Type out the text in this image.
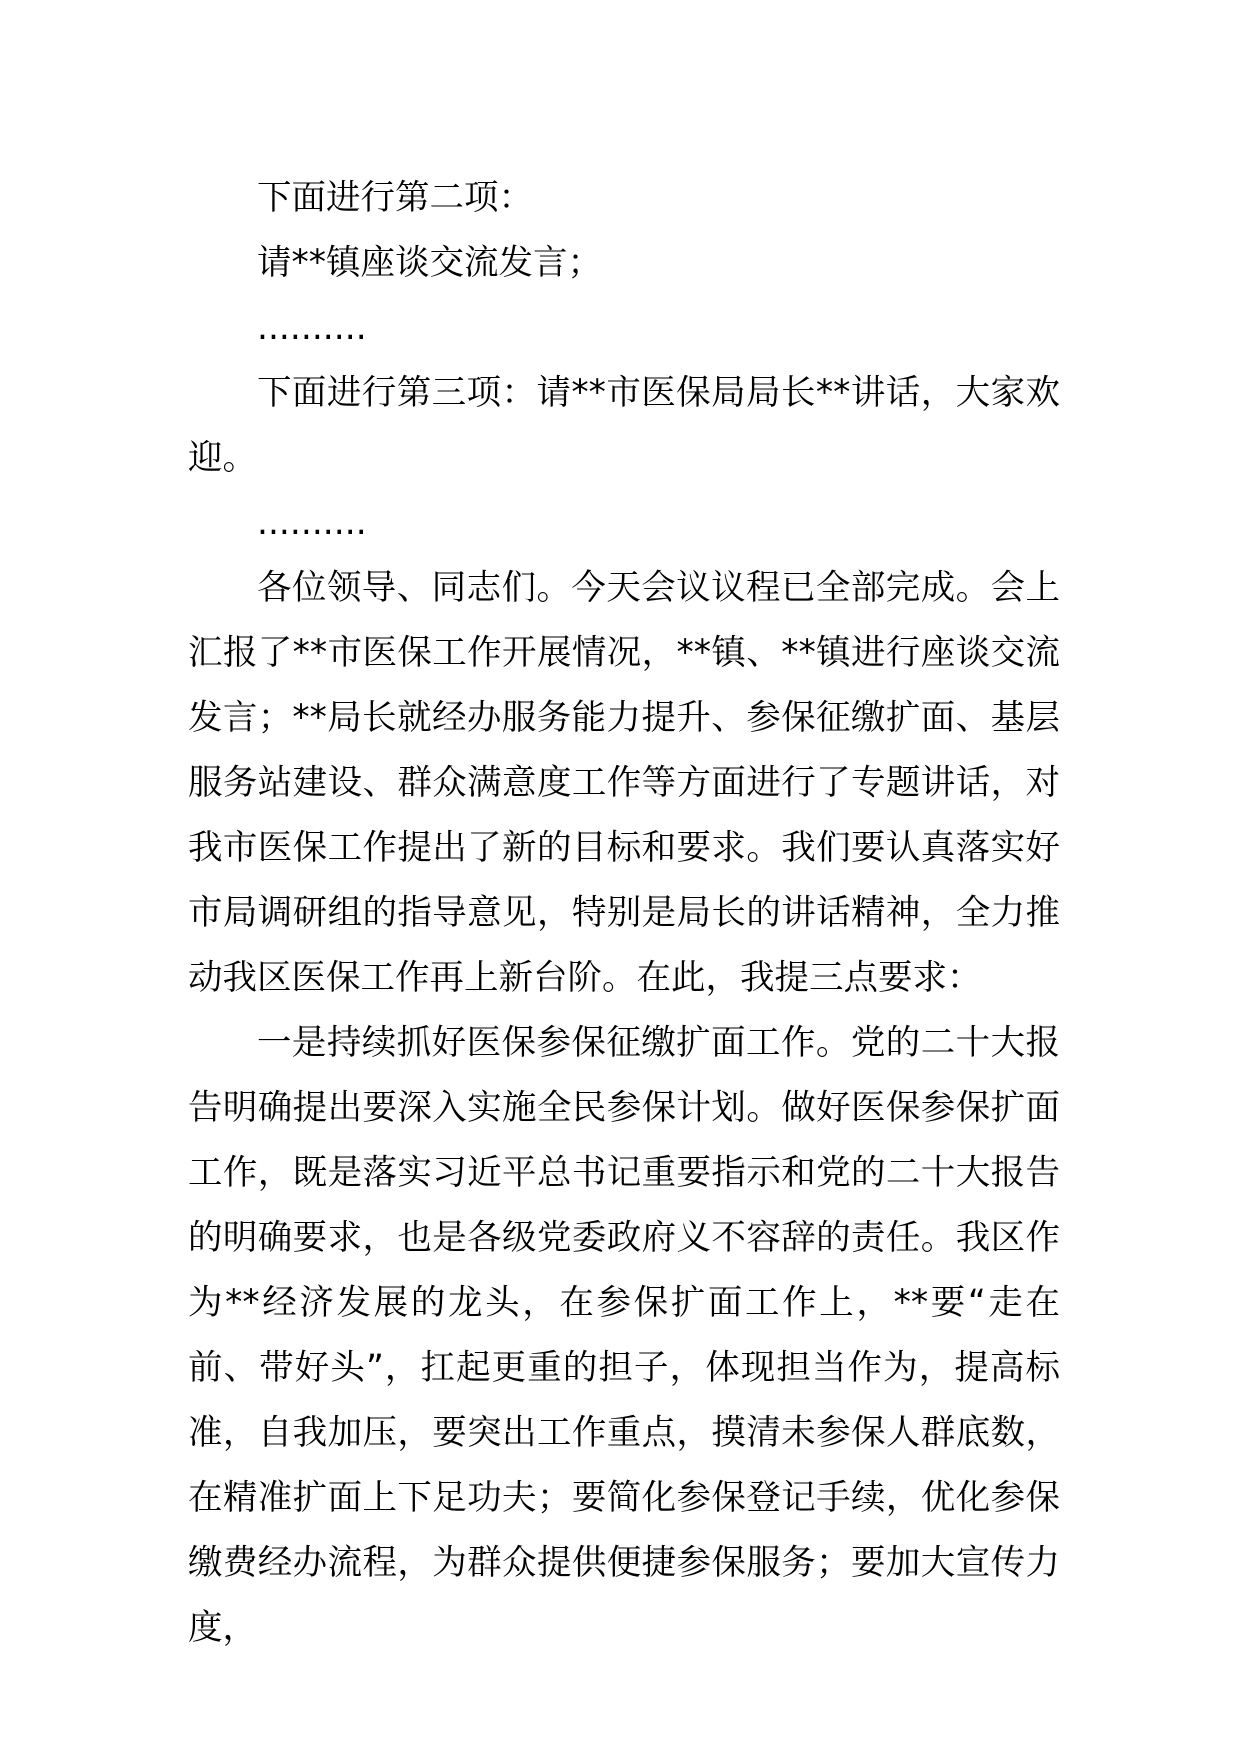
下面进行第二项：

请**镇座谈交流发言；

..........

下面进行第三项：请**市医保局局长**讲话，大家欢迎。

..........

各位领导、同志们。今天会议议程已全部完成。会上汇报了**市医保工作开展情况，**镇、**镇进行座谈交流发言；**局长就经办服务能力提升、参保征缴扩面、基层服务站建设、群众满意度工作等方面进行了专题讲话，对我市医保工作提出了新的目标和要求。我们要认真落实好市局调研组的指导意见，特别是局长的讲话精神，全力推动我区医保工作再上新台阶。在此，我提三点要求：

一是持续抓好医保参保征缴扩面工作。党的二十大报告明确提出要深入实施全民参保计划。做好医保参保扩面工作，既是落实习近平总书记重要指示和党的二十大报告的明确要求，也是各级党委政府义不容辞的责任。我区作为**经济发展的龙头，在参保扩面工作上，**要“走在前、带好头”，扛起更重的担子，体现担当作为，提高标准，自我加压，要突出工作重点，摸清未参保人群底数，在精准扩面上下足功夫；要简化参保登记手续，优化参保缴费经办流程，为群众提供便捷参保服务；要加大宣传力度，
